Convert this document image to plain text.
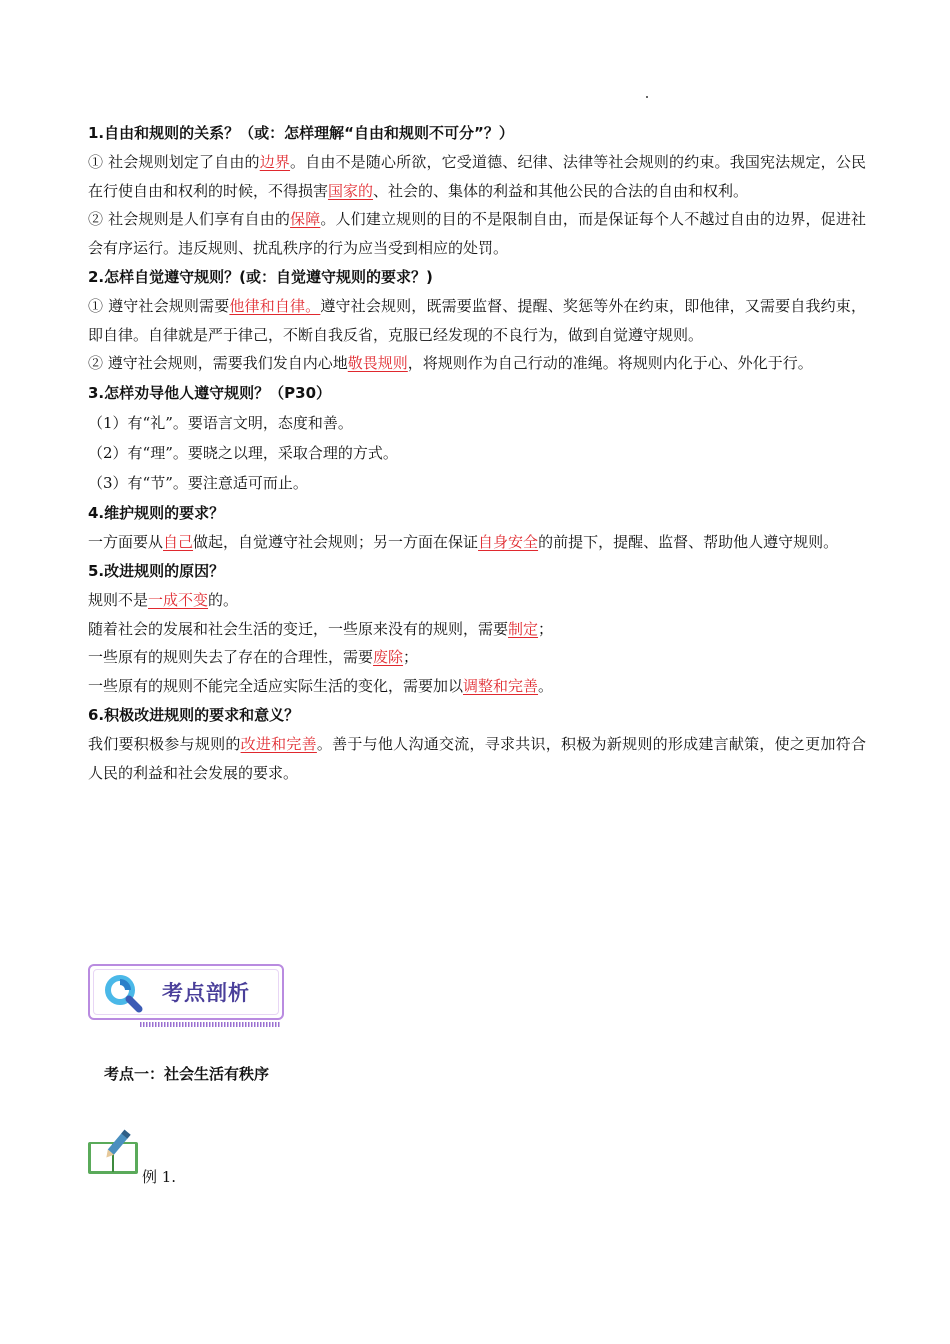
1.自由和规则的关系？（或：怎样理解“自由和规则不可分”？）

① 社会规则划定了自由的边界。自由不是随心所欲，它受道德、纪律、法律等社会规则的约束。我国宪法规定，公民在行使自由和权利的时候，不得损害国家的、社会的、集体的利益和其他公民的合法的自由和权利。

② 社会规则是人们享有自由的保障。人们建立规则的目的不是限制自由，而是保证每个人不越过自由的边界，促进社会有序运行。违反规则、扰乱秩序的行为应当受到相应的处罚。

2.怎样自觉遵守规则？(或：自觉遵守规则的要求？)

① 遵守社会规则需要他律和自律。遵守社会规则，既需要监督、提醒、奖惩等外在约束，即他律，又需要自我约束，即自律。自律就是严于律己，不断自我反省，克服已经发现的不良行为，做到自觉遵守规则。

② 遵守社会规则，需要我们发自内心地敬畏规则，将规则作为自己行动的准绳。将规则内化于心、外化于行。

3.怎样劝导他人遵守规则？（P30）

（1）有“礼”。要语言文明，态度和善。

（2）有“理”。要晓之以理，采取合理的方式。

（3）有“节”。要注意适可而止。

4.维护规则的要求？

一方面要从自己做起，自觉遵守社会规则；另一方面在保证自身安全的前提下，提醒、监督、帮助他人遵守规则。

5.改进规则的原因？

规则不是一成不变的。

随着社会的发展和社会生活的变迁，一些原来没有的规则，需要制定；

一些原有的规则失去了存在的合理性，需要废除；

一些原有的规则不能完全适应实际生活的变化，需要加以调整和完善。

6.积极改进规则的要求和意义？

我们要积极参与规则的改进和完善。善于与他人沟通交流，寻求共识，积极为新规则的形成建言献策，使之更加符合人民的利益和社会发展的要求。

考点剖析
考点一：社会生活有秩序
例 1.
